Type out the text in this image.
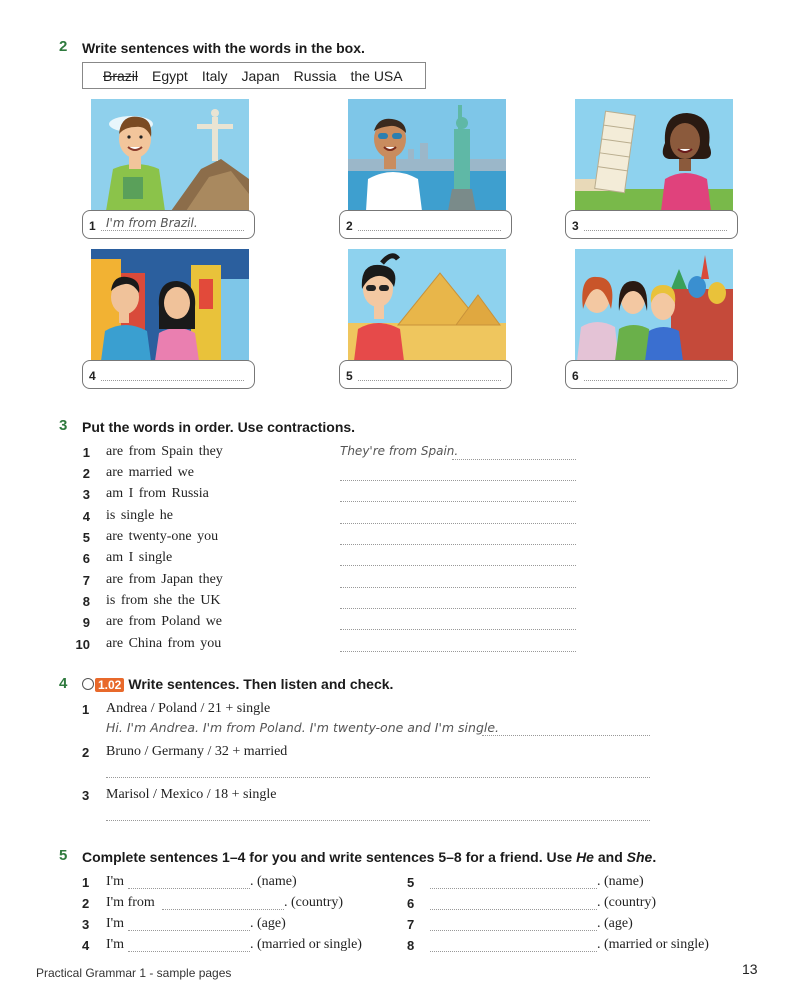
2 Write sentences with the words in the box.
Brazil Egypt Italy Japan Russia the USA
1 I'm from Brazil.	2	3
4	5	6
3 Put the words in order. Use contractions.
1 are from Spain they	They're from Spain.
2 are married we
3 am I from Russia
4 is single he
5 are twenty-one you
6 am I single
7 are from Japan they
8 is from she the UK
9 are from Poland we
10 are China from you
4	1.02 Write sentences. Then listen and check.
1 Andrea / Poland / 21 + single
Hi. I'm Andrea. I'm from Poland. I'm twenty-one and I'm single.
2 Bruno / Germany / 32 + married
3 Marisol / Mexico / 18 + single
5 Complete sentences 1–4 for you and write sentences 5–8 for a friend. Use He and She.
1 I'm	. (name)
2 I'm from	. (country)
3 I'm	. (age)
4 I'm	. (married or single)
5	. (name)
6	. (country)
7	. (age)
8	. (married or single)
Practical Grammar 1 - sample pages	13
